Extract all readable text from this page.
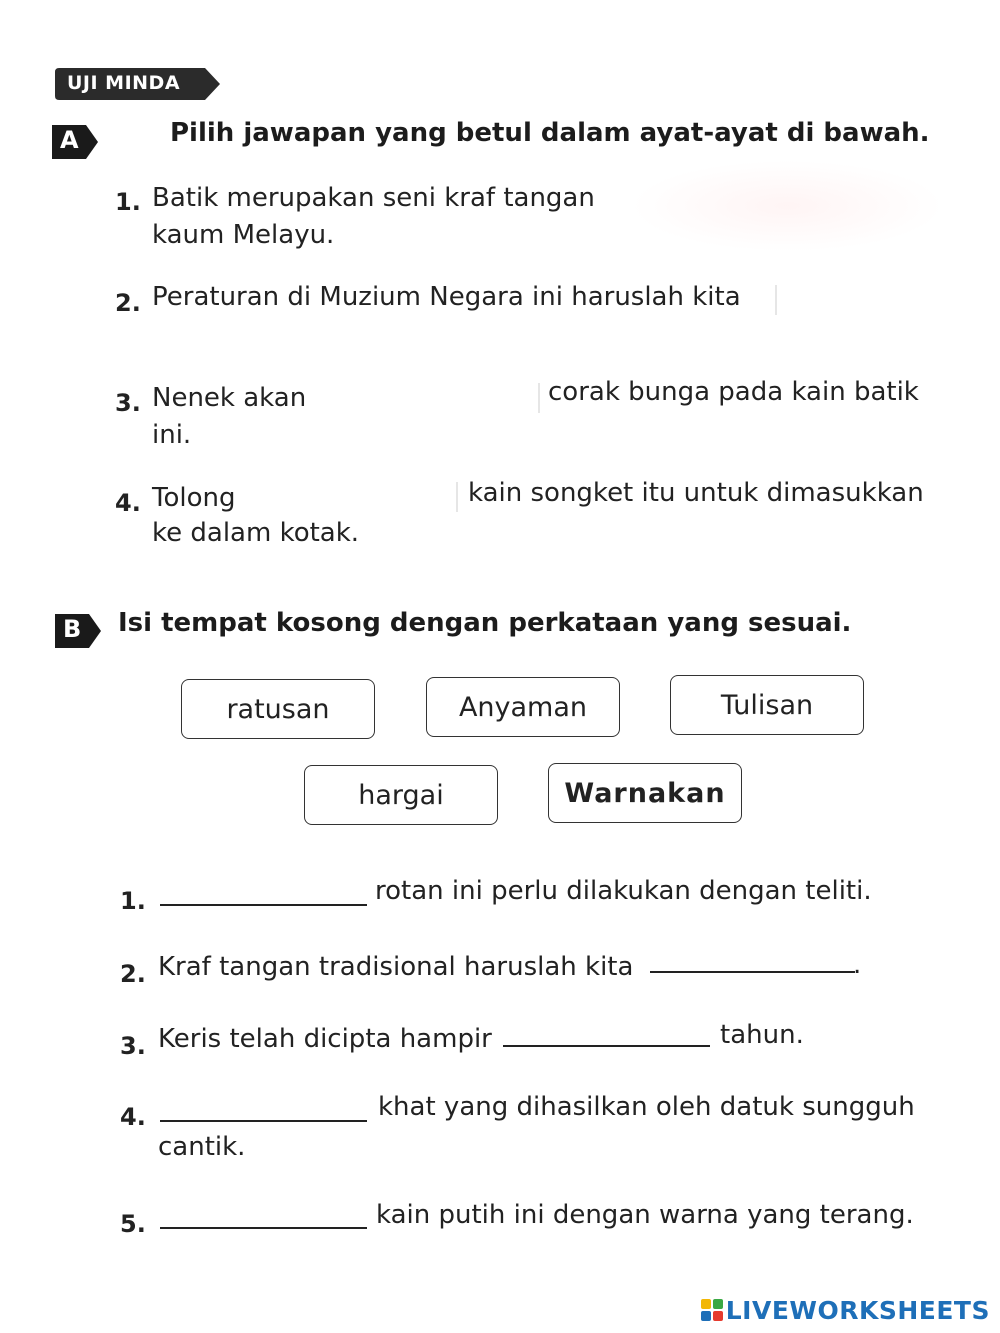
UJI MINDA
A	Pilih jawapan yang betul dalam ayat-ayat di bawah.
1. Batik merupakan seni kraf tangan
kaum Melayu.
2. Peraturan di Muzium Negara ini haruslah kita
3. Nenek akan	corak bunga pada kain batik
ini.
4. Tolong	kain songket itu untuk dimasukkan
ke dalam kotak.
B Isi tempat kosong dengan perkataan yang sesuai.
ratusan	Anyaman	Tulisan
hargai	Warnakan
1.	rotan ini perlu dilakukan dengan teliti.
2. Kraf tangan tradisional haruslah kita	.
3. Keris telah dicipta hampir	tahun.
4.	khat yang dihasilkan oleh datuk sungguh
cantik.
5.	kain putih ini dengan warna yang terang.
LIVEWORKSHEETS
